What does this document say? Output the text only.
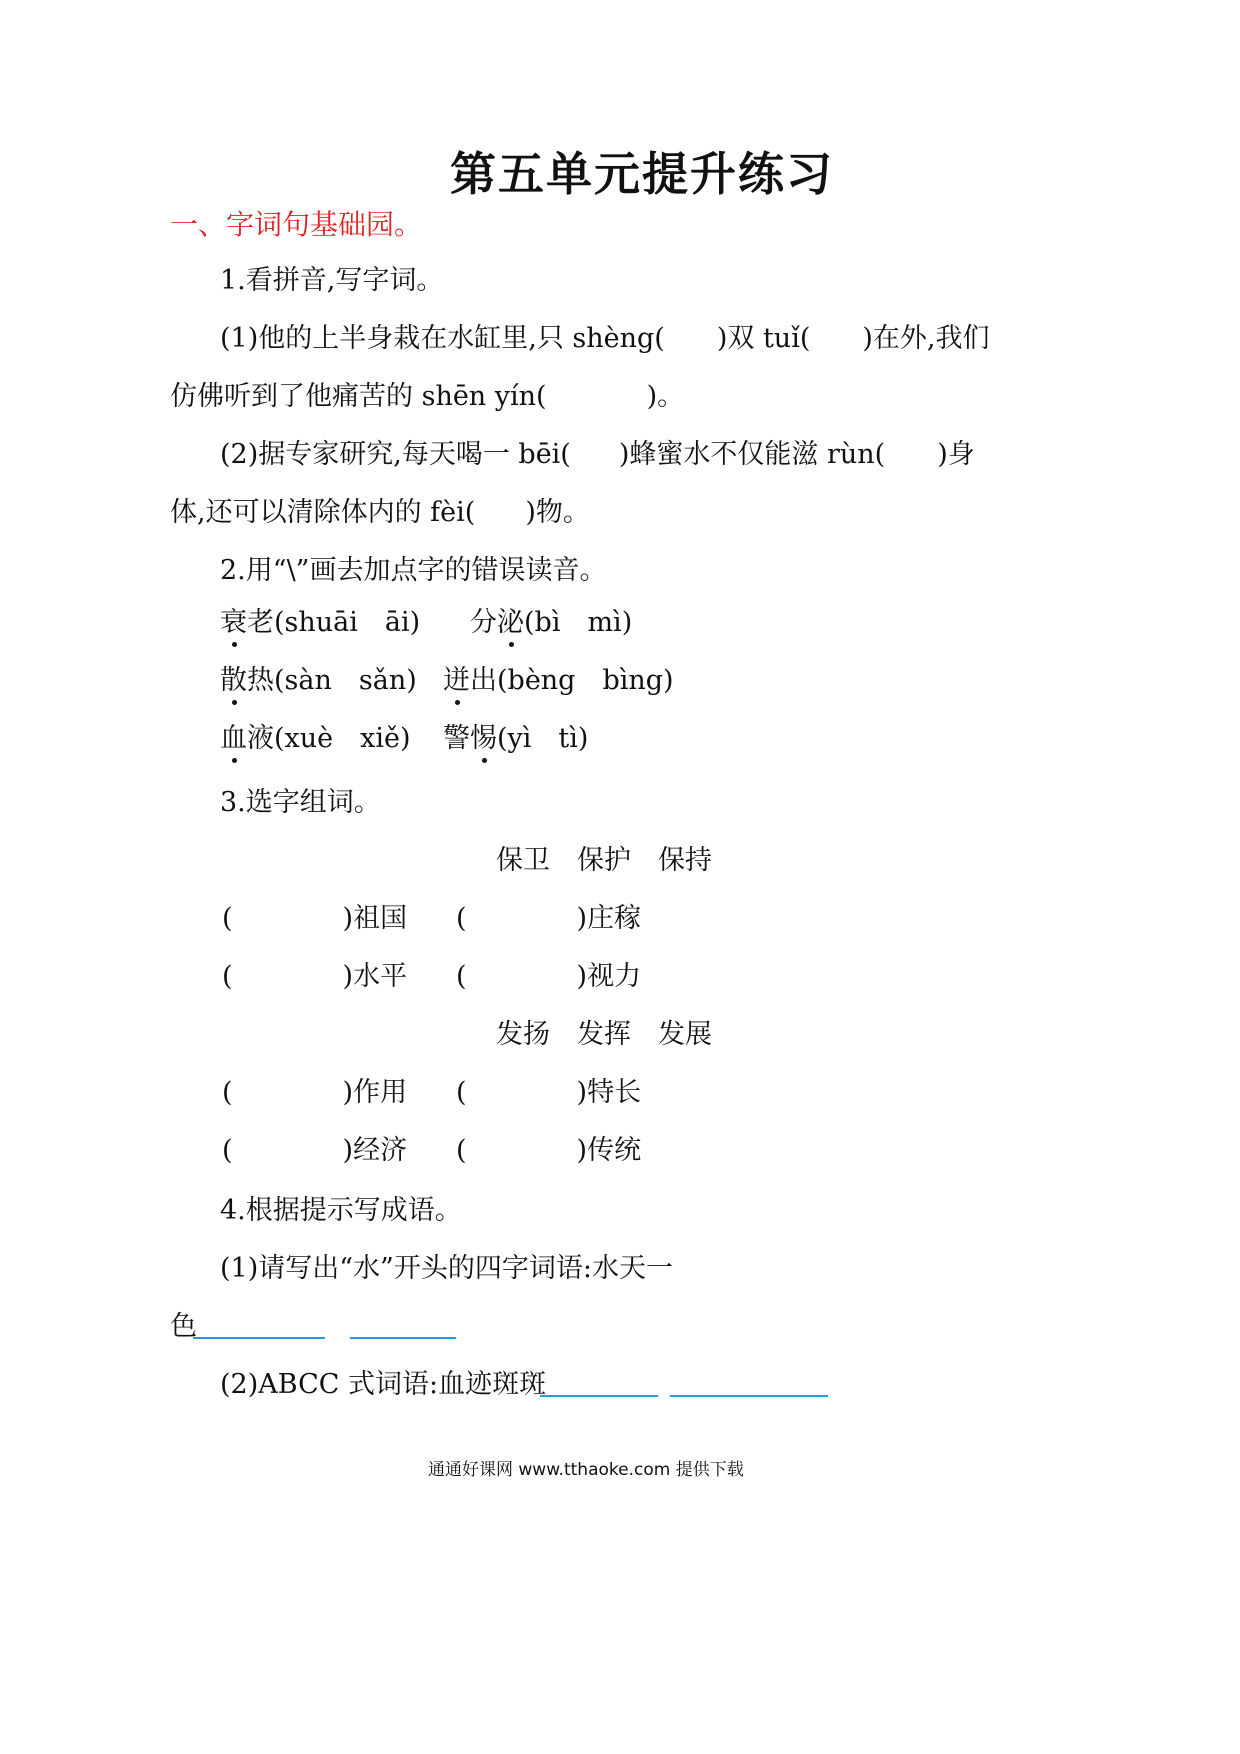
第五单元提升练习
一、字词句基础园。
1.看拼音,写字词。
(1)他的上半身栽在水缸里,只 shèng( )双 tuǐ( )在外,我们
仿佛听到了他痛苦的 shēn yín(	)。
(2)据专家研究,每天喝一 bēi( )蜂蜜水不仅能滋 rùn( )身
体,还可以清除体内的 fèi( )物。
2.用“\”画去加点字的错误读音。
衰老(shuāi　āi) 分泌(bì　mì)
散热(sàn　sǎn) 迸出(bèng　bìng)
血液(xuè　xiě) 警惕(yì　tì)
3.选字组词。
保卫　保护　保持
(	)祖国 (	)庄稼
(	)水平 (	)视力
发扬　发挥　发展
(	)作用 (	)特长
(	)经济 (	)传统
4.根据提示写成语。
(1)请写出“水”开头的四字词语:水天一
色
(2)ABCC 式词语:血迹斑斑
通通好课网 www.tthaoke.com 提供下载
